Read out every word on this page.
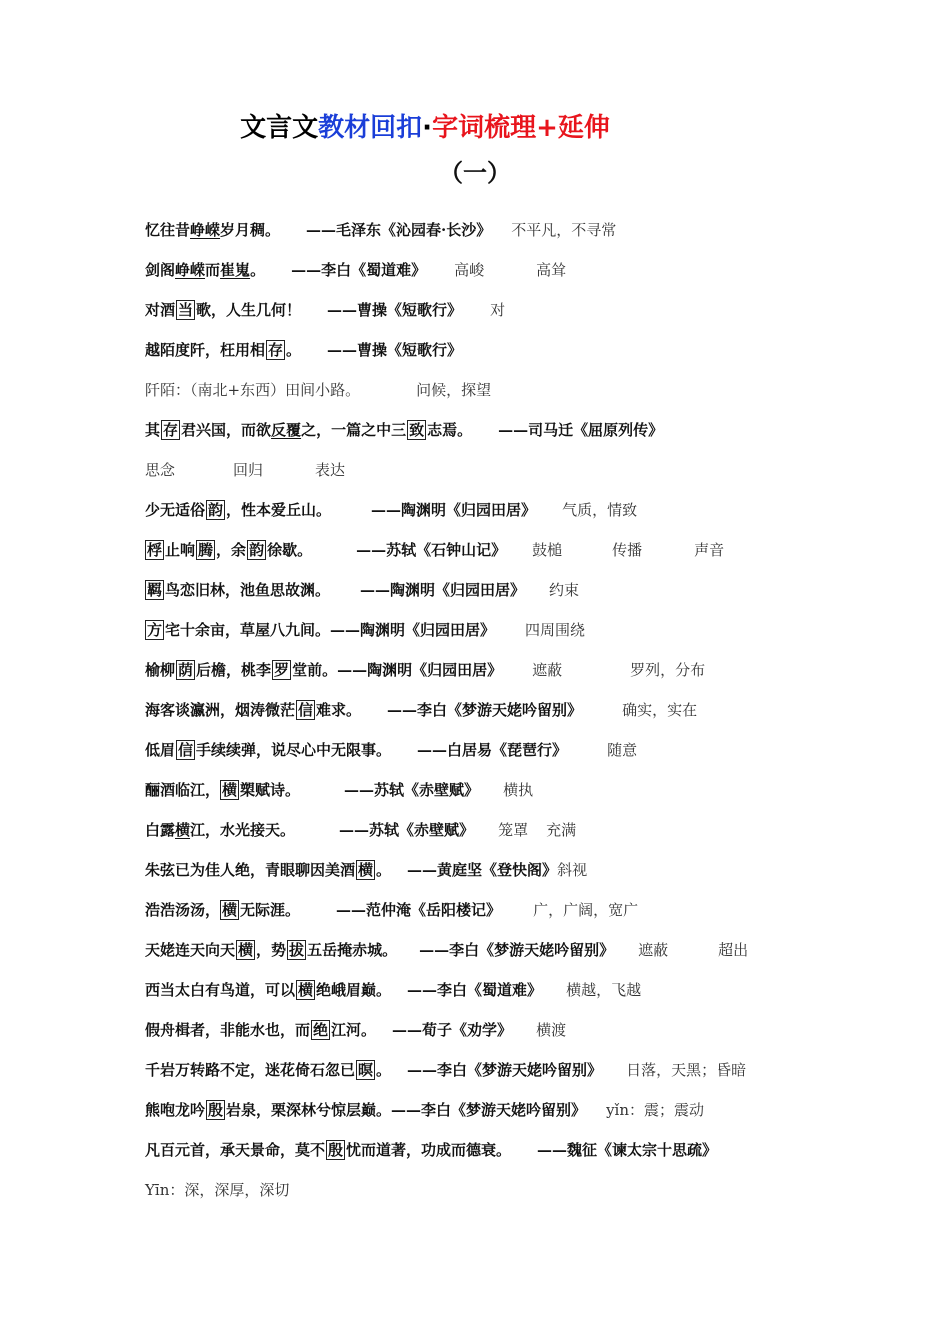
文言文教材回扣·字词梳理+延伸
（一）
忆往昔峥嵘岁月稠。 ——毛泽东《沁园春·长沙》 不平凡，不寻常
剑阁峥嵘而崔嵬。 ——李白《蜀道难》 高峻	高耸
对酒 当 歌，人生几何！ ——曹操《短歌行》 对
越陌度阡，枉用相 存 。 ——曹操《短歌行》
阡陌：（南北+东西）田间小路。	问候，探望
其 存 君兴国，而欲反覆之，一篇之中三 致 志焉。 ——司马迁《屈原列传》
思念	回归	表达
少无适俗 韵 ，性本爱丘山。	——陶渊明《归园田居》 气质，情致
桴 止响 腾 ，余 韵 徐歇。	——苏轼《石钟山记》 鼓槌	传播	声音
羁 鸟恋旧林，池鱼思故渊。 ——陶渊明《归园田居》 约束
方 宅十余亩，草屋八九间。——陶渊明《归园田居》 四周围绕
榆柳 荫 后檐，桃李 罗 堂前。——陶渊明《归园田居》 遮蔽	罗列，分布
海客谈瀛洲，烟涛微茫 信 难求。 ——李白《梦游天姥吟留别》	确实，实在
低眉 信 手续续弹，说尽心中无限事。 ——白居易《琵琶行》	随意
酾酒临江， 横 槊赋诗。	——苏轼《赤壁赋》 横执
白露横江，水光接天。	——苏轼《赤壁赋》 笼罩 充满
朱弦已为佳人绝，青眼聊因美酒 横 。 ——黄庭坚《登快阁》斜视
浩浩汤汤， 横 无际涯。 ——范仲淹《岳阳楼记》 广，广阔，宽广
天姥连天向天 横 ，势 拔 五岳掩赤城。 ——李白《梦游天姥吟留别》 遮蔽	超出
西当太白有鸟道，可以 横 绝峨眉巅。 ——李白《蜀道难》 横越，飞越
假舟楫者，非能水也，而 绝 江河。 ——荀子《劝学》 横渡
千岩万转路不定，迷花倚石忽已 暝 。 ——李白《梦游天姥吟留别》 日落，天黑；昏暗
熊咆龙吟 殷 岩泉，栗深林兮惊层巅。——李白《梦游天姥吟留别》 yǐn：震；震动
凡百元首，承天景命，莫不 殷 忧而道著，功成而德衰。 ——魏征《谏太宗十思疏》
Yīn：深，深厚，深切
